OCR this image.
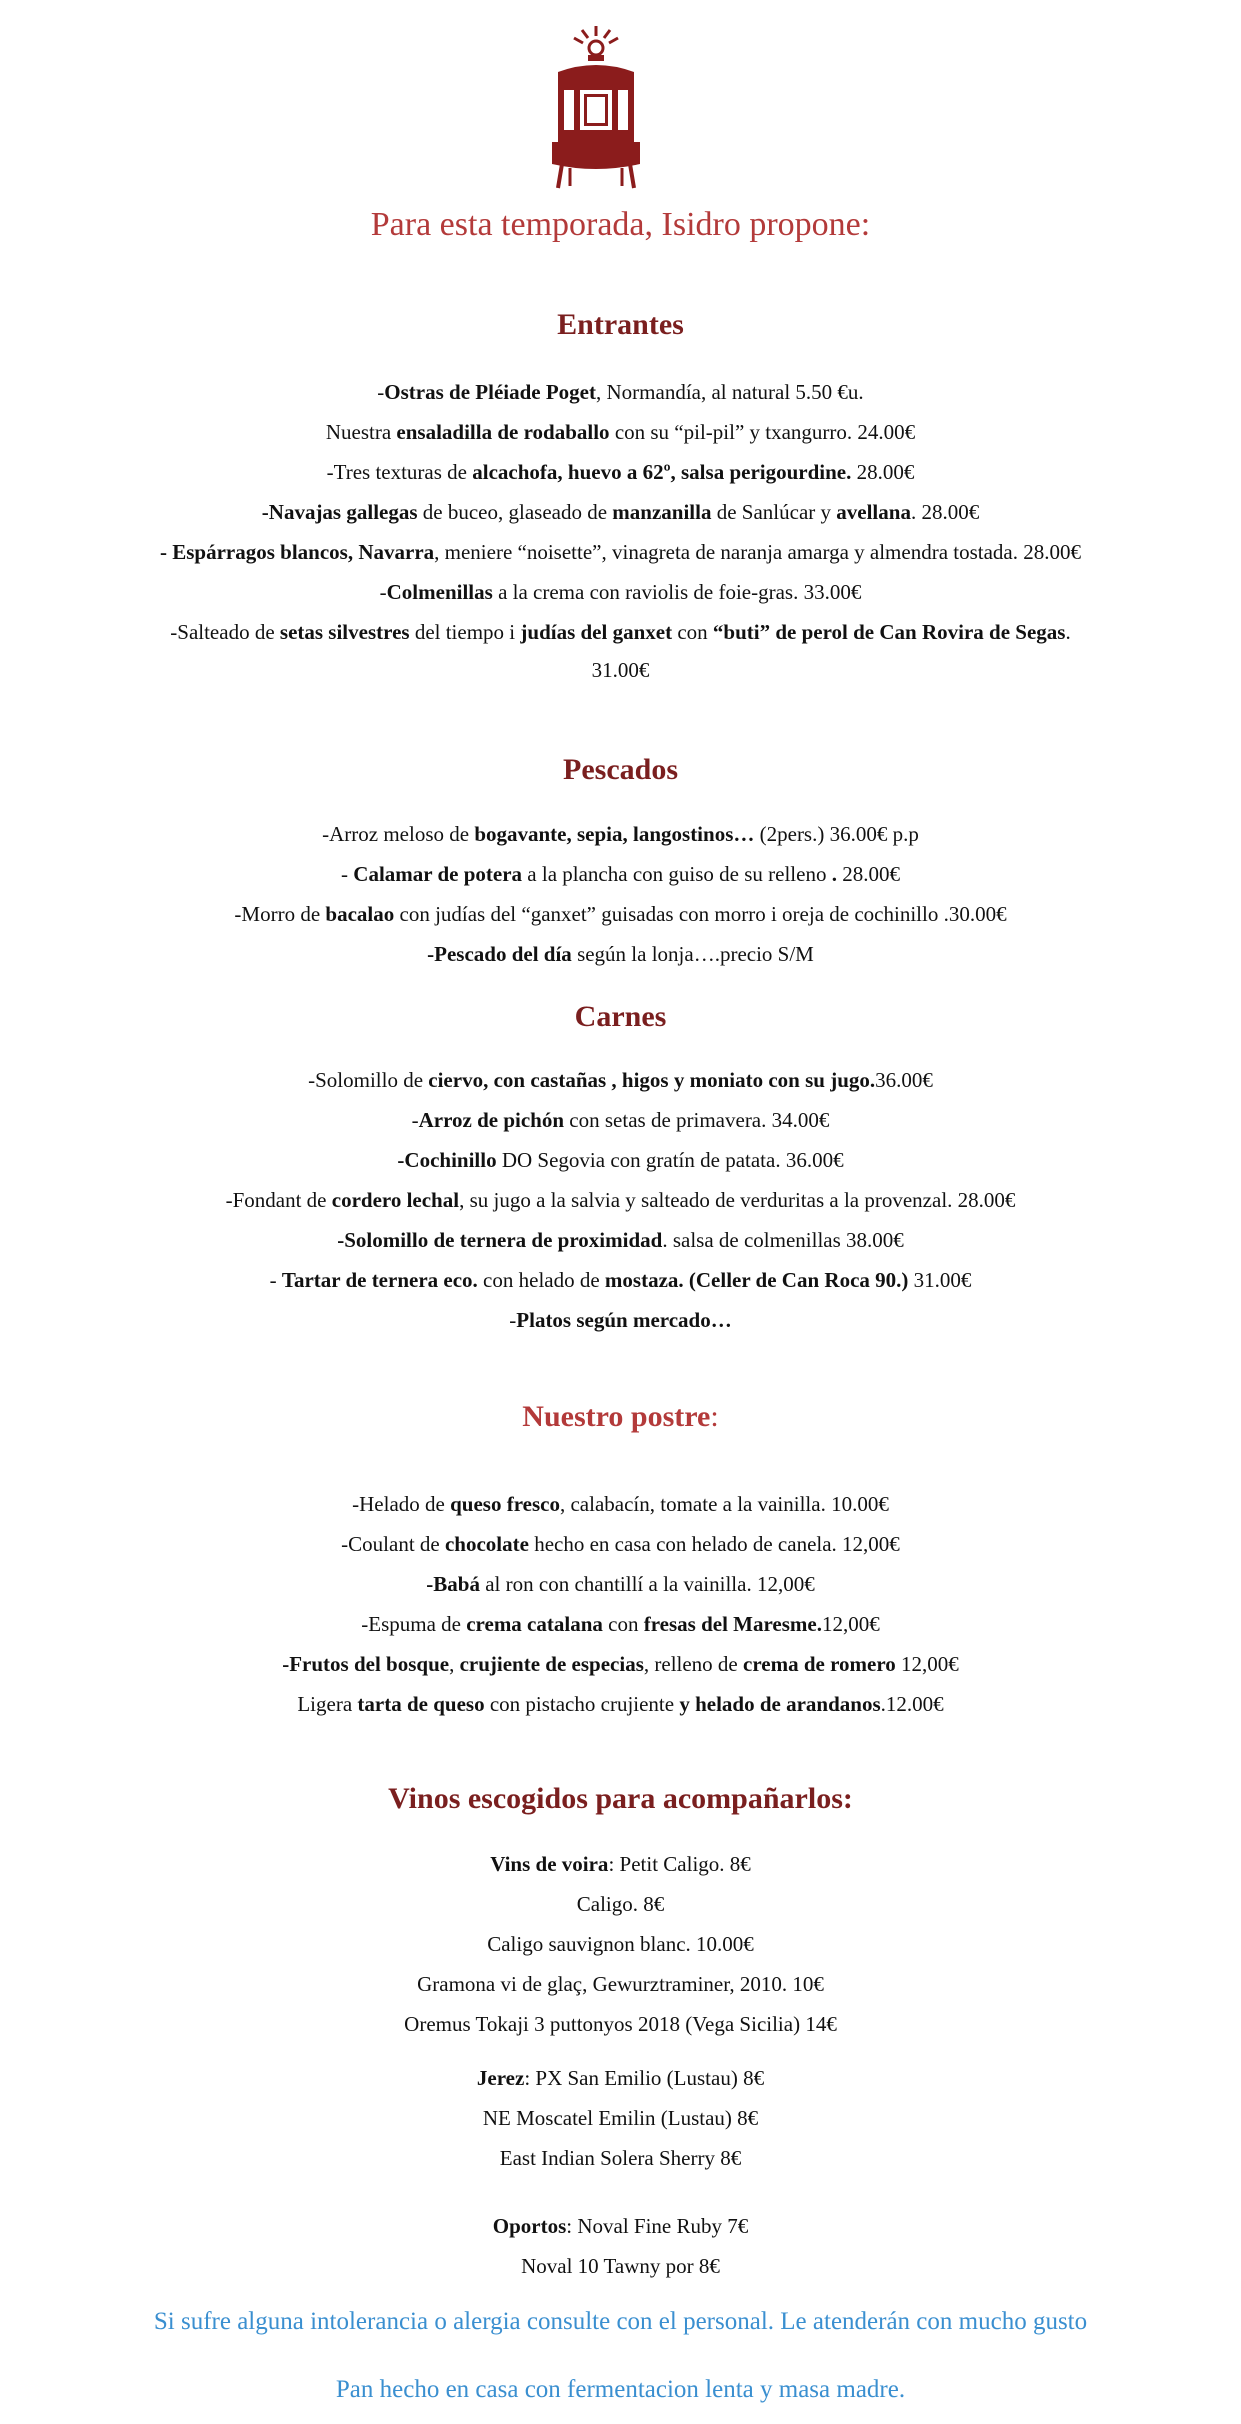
Para esta temporada, Isidro propone:
Entrantes
-Ostras de Pléiade Poget, Normandía, al natural 5.50 €u.
Nuestra ensaladilla de rodaballo con su “pil-pil” y txangurro. 24.00€
-Tres texturas de alcachofa, huevo a 62º, salsa perigourdine. 28.00€
-Navajas gallegas de buceo, glaseado de manzanilla de Sanlúcar y avellana. 28.00€
- Espárragos blancos, Navarra, meniere “noisette”, vinagreta de naranja amarga y almendra tostada. 28.00€
-Colmenillas a la crema con raviolis de foie-gras. 33.00€
-Salteado de setas silvestres del tiempo i judías del ganxet con “buti” de perol de Can Rovira de Segas.
31.00€
Pescados
-Arroz meloso de bogavante, sepia, langostinos… (2pers.) 36.00€ p.p
- Calamar de potera a la plancha con guiso de su relleno . 28.00€
-Morro de bacalao con judías del “ganxet” guisadas con morro i oreja de cochinillo .30.00€
-Pescado del día según la lonja….precio S/M
Carnes
-Solomillo de ciervo, con castañas , higos y moniato con su jugo.36.00€
-Arroz de pichón con setas de primavera. 34.00€
-Cochinillo DO Segovia con gratín de patata. 36.00€
-Fondant de cordero lechal, su jugo a la salvia y salteado de verduritas a la provenzal. 28.00€
-Solomillo de ternera de proximidad. salsa de colmenillas 38.00€
- Tartar de ternera eco. con helado de mostaza. (Celler de Can Roca 90.) 31.00€
-Platos según mercado…
Nuestro postre:
-Helado de queso fresco, calabacín, tomate a la vainilla. 10.00€
-Coulant de chocolate hecho en casa con helado de canela. 12,00€
-Babá al ron con chantillí a la vainilla. 12,00€
-Espuma de crema catalana con fresas del Maresme.12,00€
-Frutos del bosque, crujiente de especias, relleno de crema de romero 12,00€
Ligera tarta de queso con pistacho crujiente y helado de arandanos.12.00€
Vinos escogidos para acompañarlos:
Vins de voira: Petit Caligo. 8€
Caligo. 8€
Caligo sauvignon blanc. 10.00€
Gramona vi de glaç, Gewurztraminer, 2010. 10€
Oremus Tokaji 3 puttonyos 2018 (Vega Sicilia) 14€
Jerez: PX San Emilio (Lustau) 8€
NE Moscatel Emilin (Lustau) 8€
East Indian Solera Sherry 8€
Oportos: Noval Fine Ruby 7€
Noval 10 Tawny por 8€
Si sufre alguna intolerancia o alergia consulte con el personal. Le atenderán con mucho gusto
Pan hecho en casa con fermentacion lenta y masa madre.
